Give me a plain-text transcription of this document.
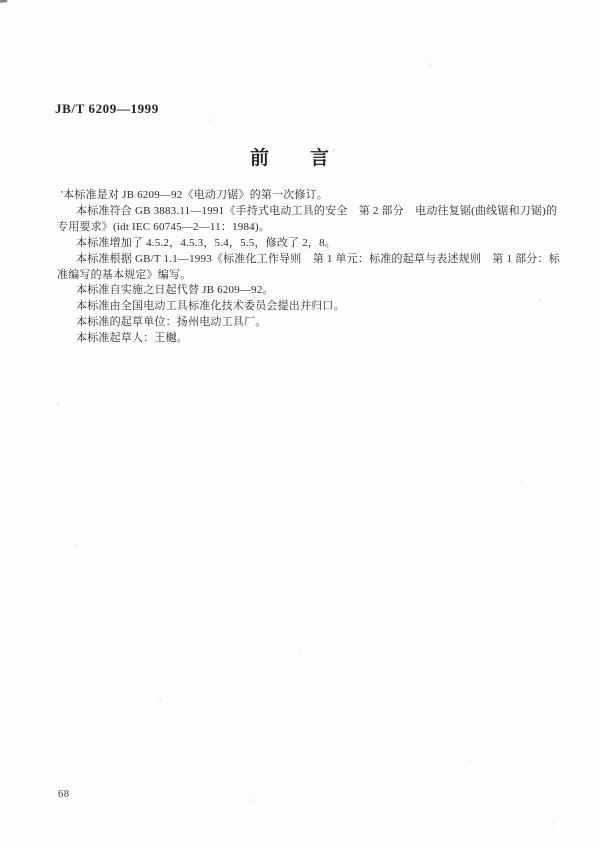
JB/T 6209—1999
前　　言

'本标准是对 JB 6209—92《电动刀锯》的第一次修订。

本标准符合 GB 3883.11—1991《手持式电动工具的安全　第 2 部分　电动往复锯(曲线锯和刀锯)的

专用要求》(idt IEC 60745—2—11：1984)。

本标准增加了 4.5.2，4.5.3，5.4，5.5，修改了 2，8。

本标准根据 GB/T 1.1—1993《标准化工作导则　第 1 单元：标准的起草与表述规则　第 1 部分：标

准编写的基本规定》编写。

本标准自实施之日起代替 JB 6209—92。

本标准由全国电动工具标准化技术委员会提出并归口。

本标准的起草单位：扬州电动工具厂。

本标准起草人：王樾。

68
